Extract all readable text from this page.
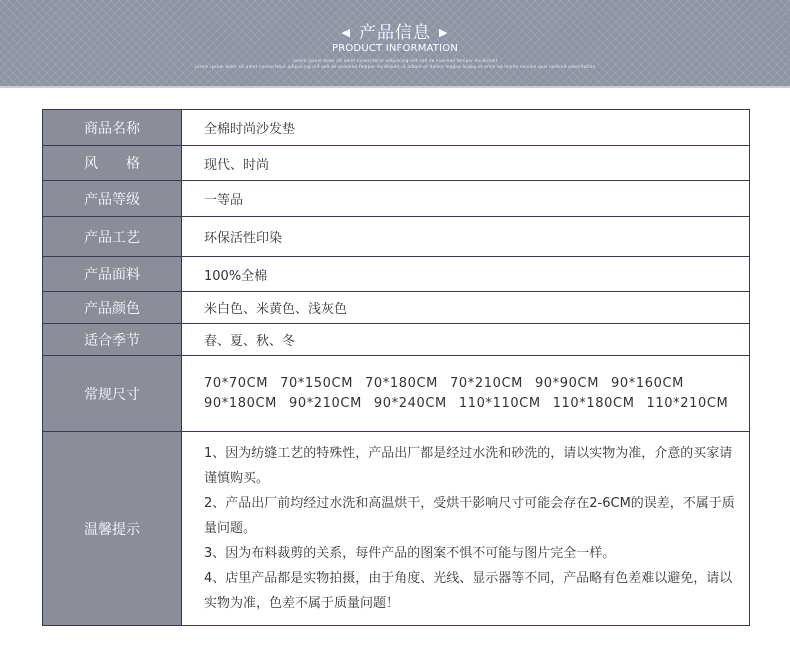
◀ 产品信息 ▶
PRODUCT INFORMATION
Lorem ipsum dolor sit amet consectetur adipiscing elit sed do eiusmod tempor incididunt
Lorem ipsum dolor sit amet consectetur adipiscing elit sed do eiusmod tempor incididunt ut labore et dolore magna aliqua ut enim ad minim veniam quis nostrud exercitation
商品名称	全棉时尚沙发垫
风　　格	现代、时尚
产品等级	一等品
产品工艺	环保活性印染
产品面料	100%全棉
产品颜色	米白色、米黄色、浅灰色
适合季节	春、夏、秋、冬
常规尺寸	70*70CM 70*150CM 70*180CM 70*210CM 90*90CM 90*160CM90*180CM 90*210CM 90*240CM 110*110CM 110*180CM 110*210CM

温馨提示	1、因为纺缝工艺的特殊性，产品出厂都是经过水洗和砂洗的，请以实物为准，介意的买家请谨慎购买。
2、产品出厂前均经过水洗和高温烘干，受烘干影响尺寸可能会存在2-6CM的误差，不属于质量问题。
3、因为布料裁剪的关系，每件产品的图案不惧不可能与图片完全一样。
4、店里产品都是实物拍摄，由于角度、光线、显示器等不同，产品略有色差难以避免，请以实物为准，色差不属于质量问题！
